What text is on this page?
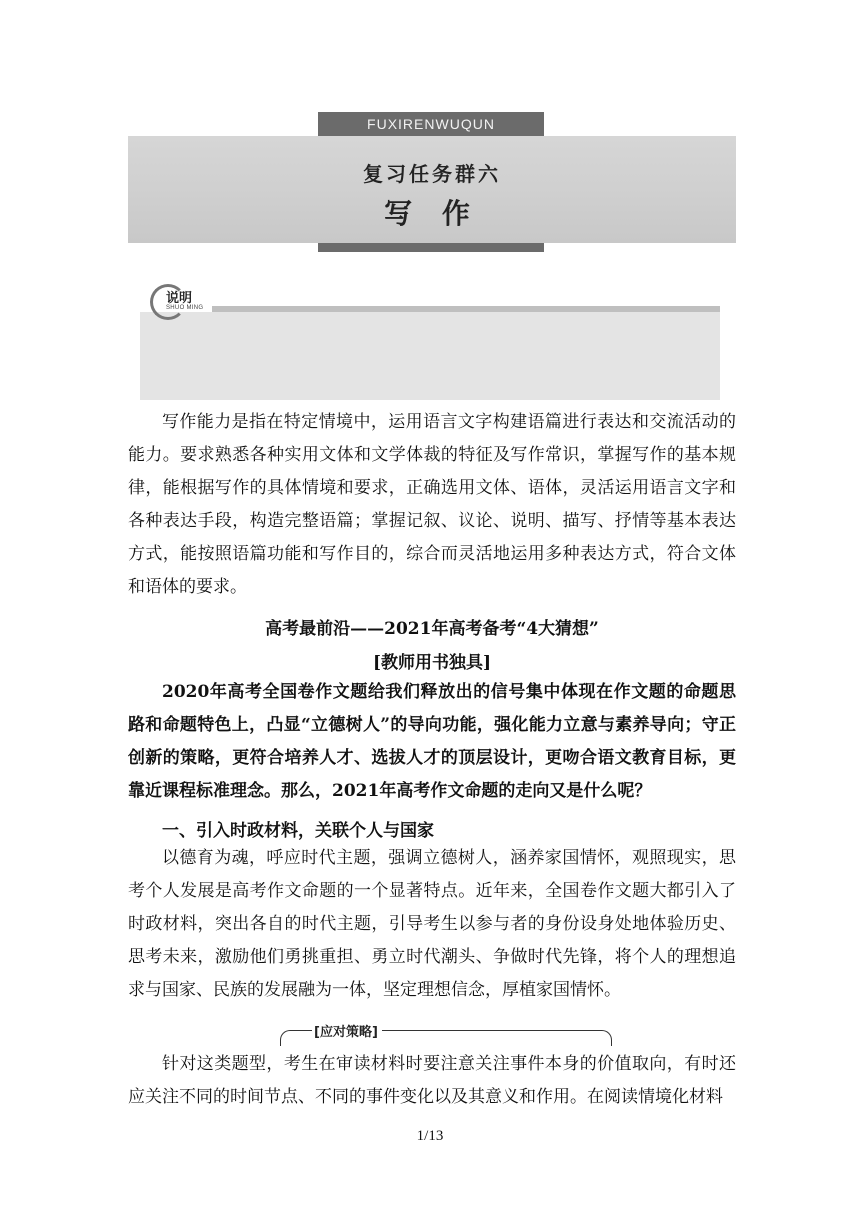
FUXIRENWUQUN
复习任务群六
写 作
说明
SHUO MING

写作能力是指在特定情境中，运用语言文字构建语篇进行表达和交流活动的能力。要求熟悉各种实用文体和文学体裁的特征及写作常识，掌握写作的基本规律，能根据写作的具体情境和要求，正确选用文体、语体，灵活运用语言文字和各种表达手段，构造完整语篇；掌握记叙、议论、说明、描写、抒情等基本表达方式，能按照语篇功能和写作目的，综合而灵活地运用多种表达方式，符合文体和语体的要求。

高考最前沿——2021年高考备考“4大猜想”
[教师用书独具]

2020年高考全国卷作文题给我们释放出的信号集中体现在作文题的命题思路和命题特色上，凸显“立德树人”的导向功能，强化能力立意与素养导向；守正创新的策略，更符合培养人才、选拔人才的顶层设计，更吻合语文教育目标，更靠近课程标准理念。那么，2021年高考作文命题的走向又是什么呢？

一、引入时政材料，关联个人与国家

以德育为魂，呼应时代主题，强调立德树人，涵养家国情怀，观照现实，思考个人发展是高考作文命题的一个显著特点。近年来，全国卷作文题大都引入了时政材料，突出各自的时代主题，引导考生以参与者的身份设身处地体验历史、思考未来，激励他们勇挑重担、勇立时代潮头、争做时代先锋，将个人的理想追求与国家、民族的发展融为一体，坚定理想信念，厚植家国情怀。

[应对策略]

针对这类题型，考生在审读材料时要注意关注事件本身的价值取向，有时还应关注不同的时间节点、不同的事件变化以及其意义和作用。在阅读情境化材料

1/13
